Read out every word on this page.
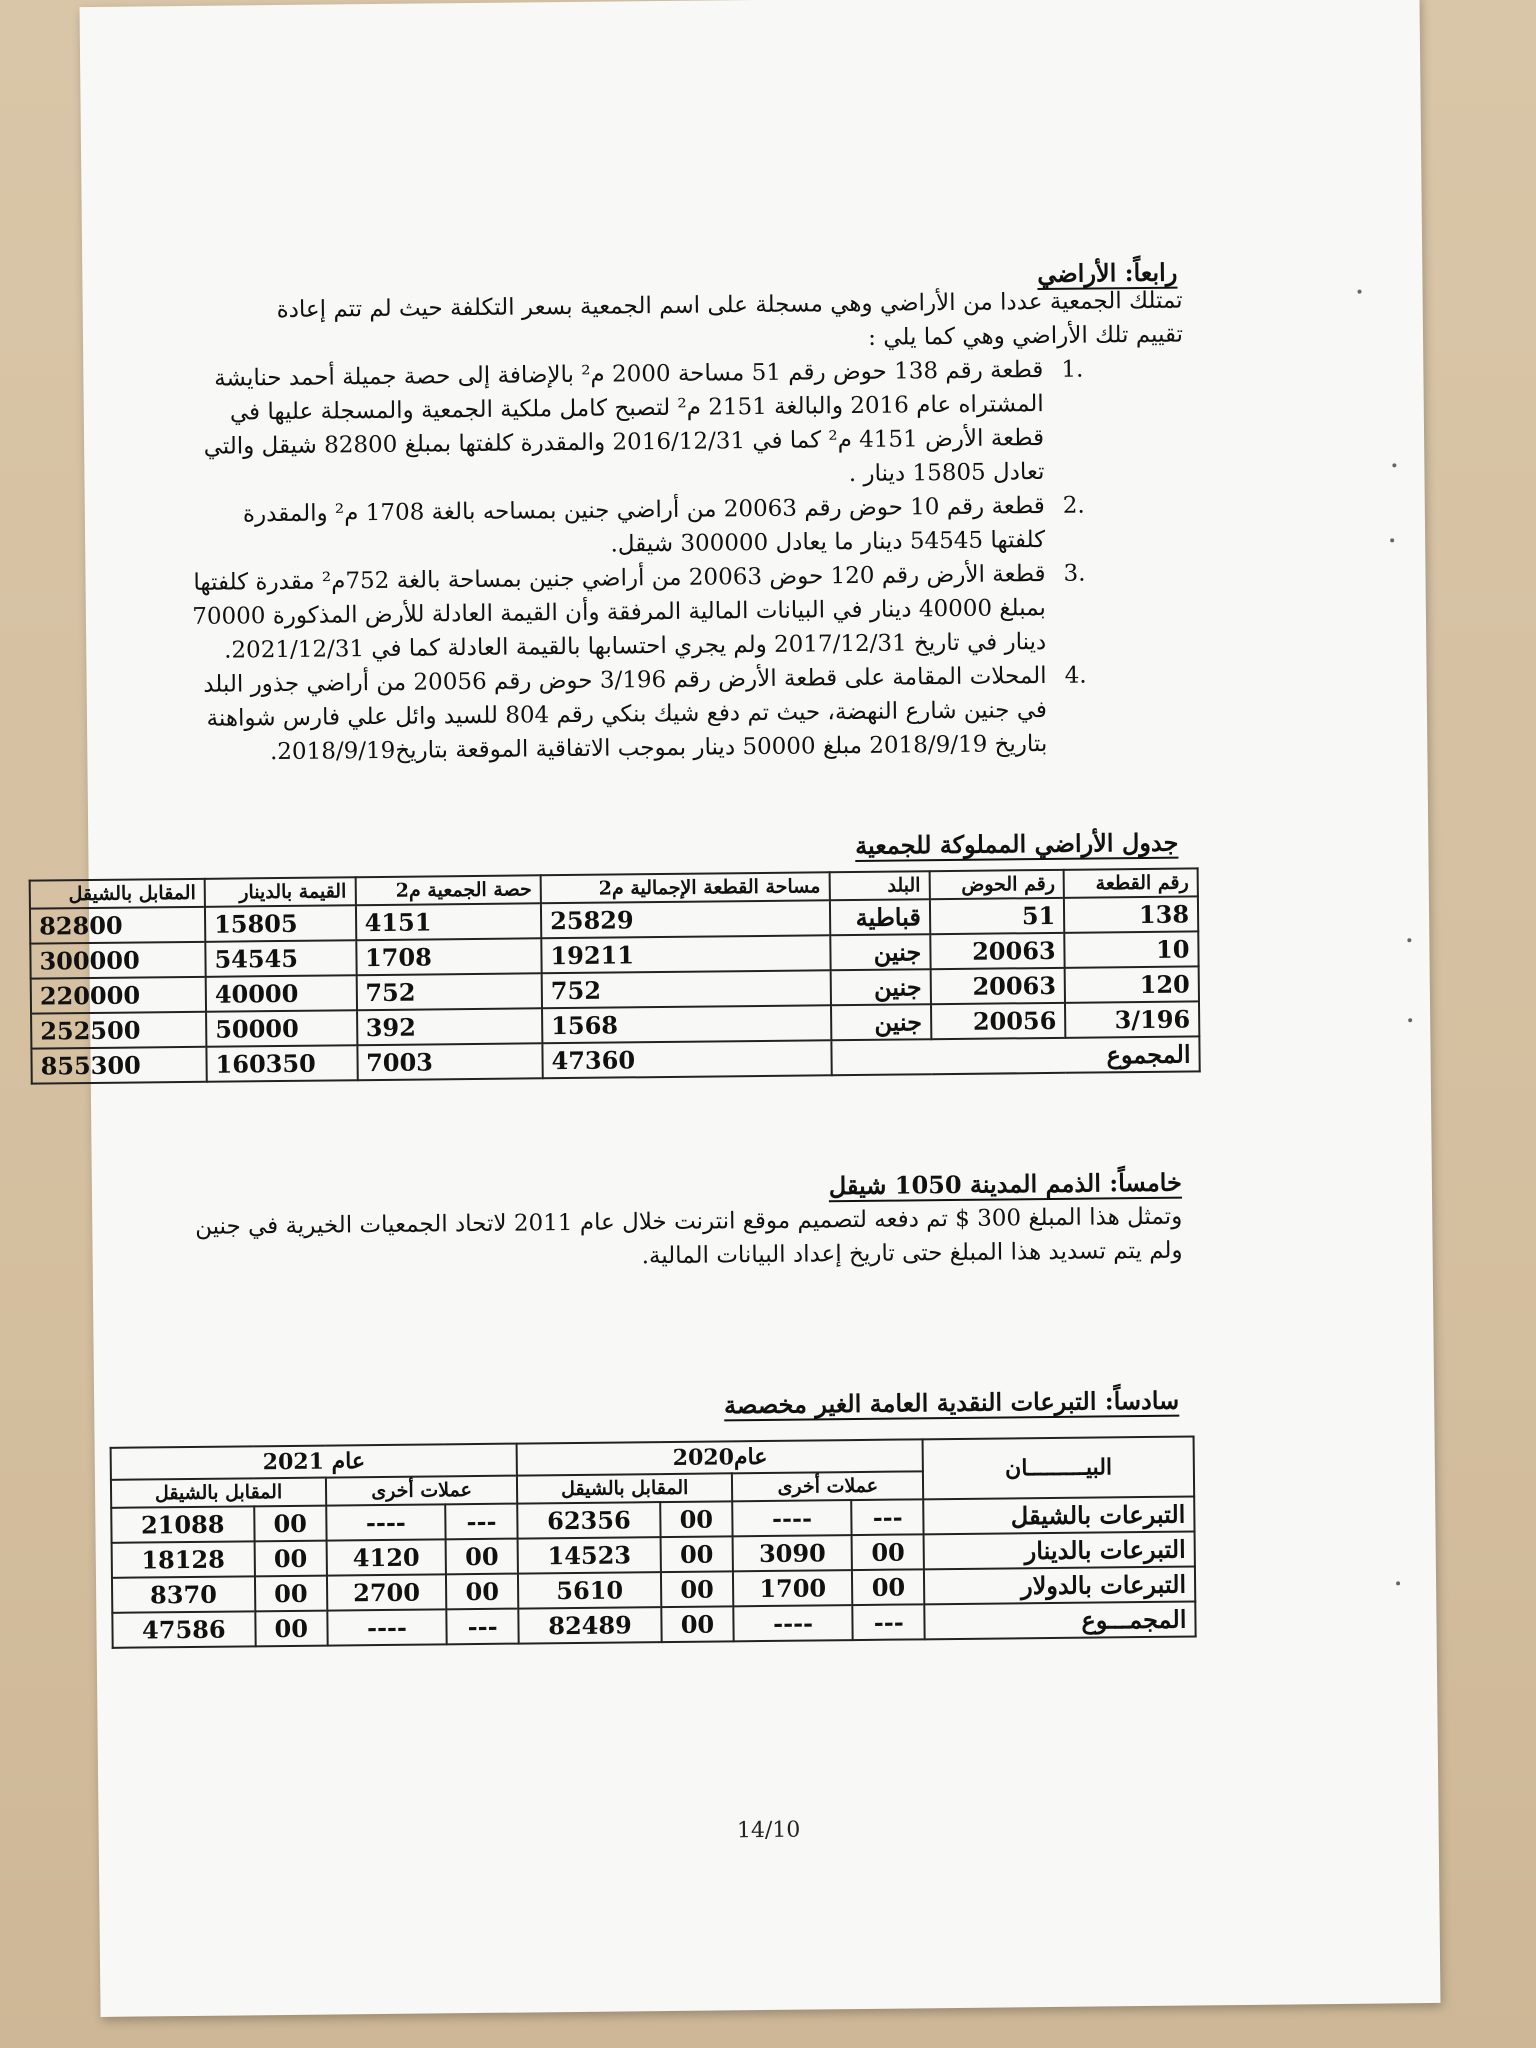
رابعاً: الأراضي
تمتلك الجمعية عددا من الأراضي وهي مسجلة على اسم الجمعية بسعر التكلفة حيث لم تتم إعادة تقييم تلك الأراضي وهي كما يلي :
.1
قطعة رقم 138 حوض رقم 51 مساحة 2000 م² بالإضافة إلى حصة جميلة أحمد حنايشة المشتراه عام 2016 والبالغة 2151 م² لتصبح كامل ملكية الجمعية والمسجلة عليها في قطعة الأرض 4151 م² كما في 2016/12/31 والمقدرة كلفتها بمبلغ 82800 شيقل والتي تعادل 15805 دينار .
.2
قطعة رقم 10 حوض رقم 20063 من أراضي جنين بمساحه بالغة 1708 م² والمقدرة كلفتها 54545 دينار ما يعادل 300000 شيقل.
.3
قطعة الأرض رقم 120 حوض 20063 من أراضي جنين بمساحة بالغة 752م² مقدرة كلفتها بمبلغ 40000 دينار في البيانات المالية المرفقة وأن القيمة العادلة للأرض المذكورة 70000 دينار في تاريخ 2017/12/31 ولم يجري احتسابها بالقيمة العادلة كما في 2021/12/31.
.4
المحلات المقامة على قطعة الأرض رقم 3/196 حوض رقم 20056 من أراضي جذور البلد في جنين شارع النهضة، حيث تم دفع شيك بنكي رقم 804 للسيد وائل علي فارس شواهنة بتاريخ 2018/9/19 مبلغ 50000 دينار بموجب الاتفاقية الموقعة بتاريخ2018/9/19.
جدول الأراضي المملوكة للجمعية
رقم القطعة	رقم الحوض	البلد	مساحة القطعة الإجمالية م2	حصة الجمعية م2	القيمة بالدينار	المقابل بالشيقل
138	51	قباطية	25829	4151	15805	82800
10	20063	جنين	19211	1708	54545	300000
120	20063	جنين	752	752	40000	220000
3/196	20056	جنين	1568	392	50000	252500
المجموع			47360	7003	160350	855300
خامساً: الذمم المدينة 1050 شيقل
وتمثل هذا المبلغ 300 $ تم دفعه لتصميم موقع انترنت خلال عام 2011 لاتحاد الجمعيات الخيرية في جنين ولم يتم تسديد هذا المبلغ حتى تاريخ إعداد البيانات المالية.
سادساً: التبرعات النقدية العامة الغير مخصصة
البيـــــــــان	عام2020				عام 2021			
	عملات أخرى		المقابل بالشيقل		عملات أخرى		المقابل بالشيقل	
التبرعات بالشيقل	---	----	00	62356	---	----	00	21088
التبرعات بالدينار	00	3090	00	14523	00	4120	00	18128
التبرعات بالدولار	00	1700	00	5610	00	2700	00	8370
المجمـــوع	---	----	00	82489	---	----	00	47586
14/10
